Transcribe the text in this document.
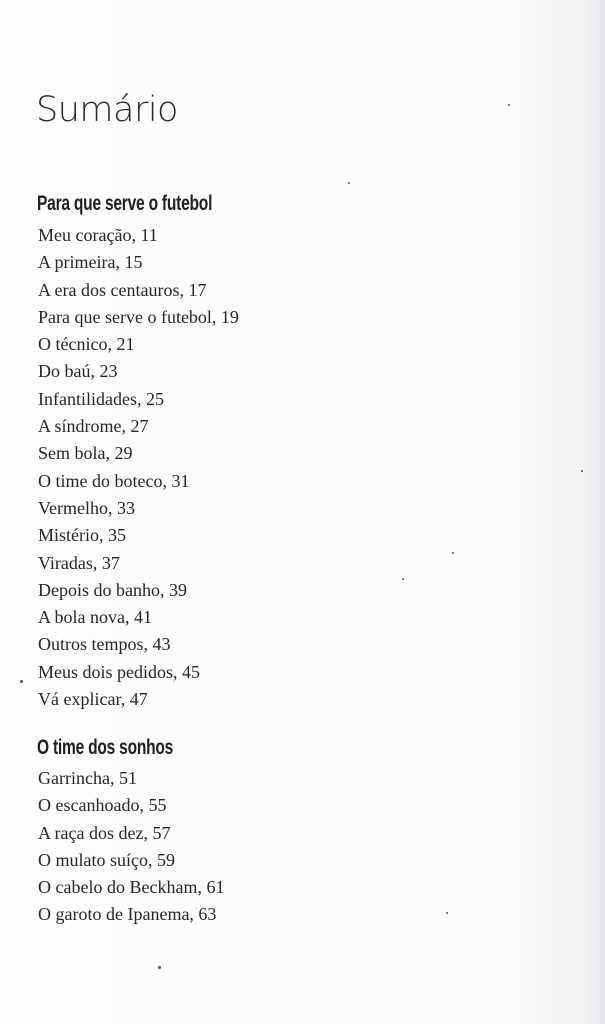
Sumário
Para que serve o futebol
Meu coração, 11
A primeira, 15
A era dos centauros, 17
Para que serve o futebol, 19
O técnico, 21
Do baú, 23
Infantilidades, 25
A síndrome, 27
Sem bola, 29
O time do boteco, 31
Vermelho, 33
Mistério, 35
Viradas, 37
Depois do banho, 39
A bola nova, 41
Outros tempos, 43
Meus dois pedidos, 45
Vá explicar, 47
O time dos sonhos
Garrincha, 51
O escanhoado, 55
A raça dos dez, 57
O mulato suíço, 59
O cabelo do Beckham, 61
O garoto de Ipanema, 63
